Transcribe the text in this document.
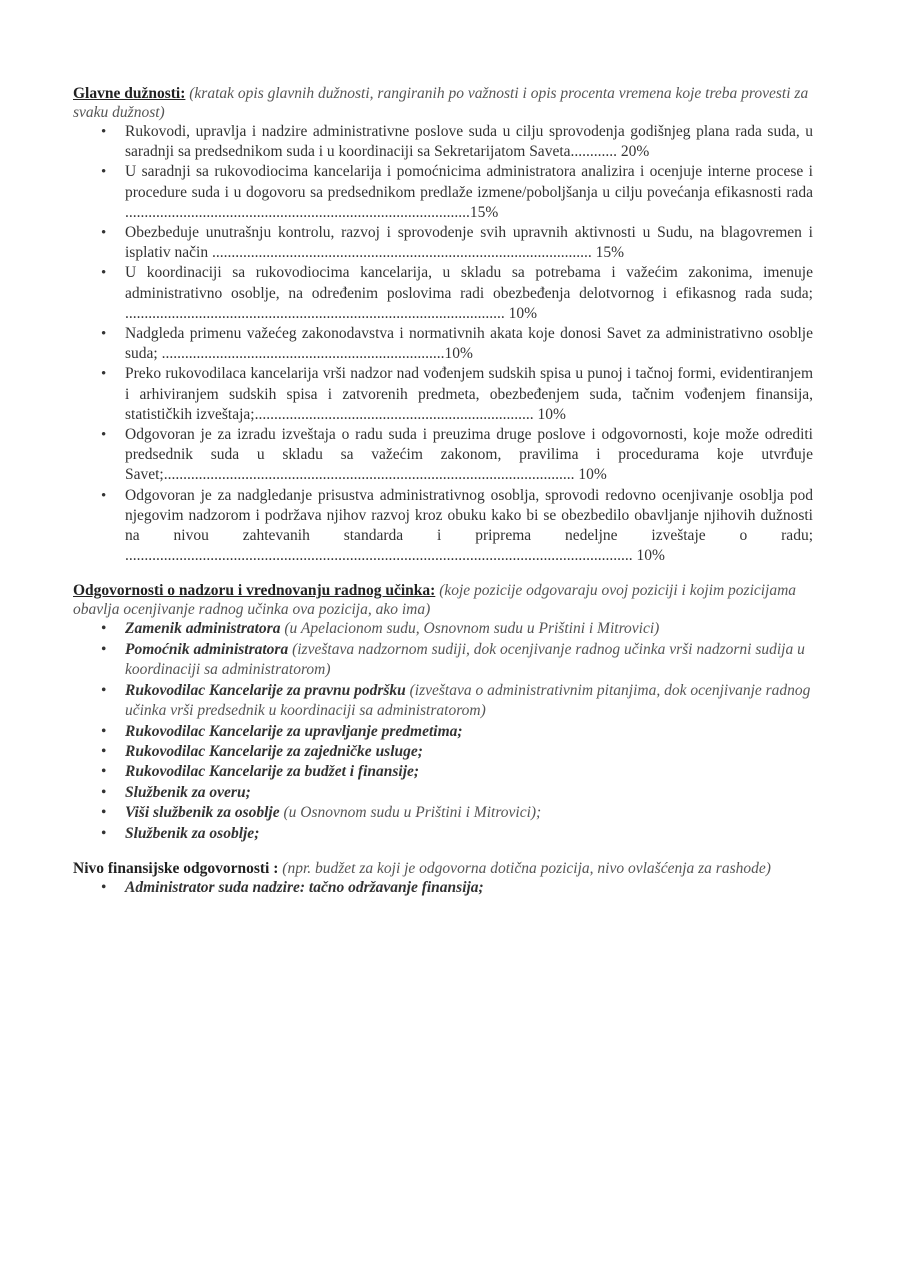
Glavne dužnosti: (kratak opis glavnih dužnosti, rangiranih po važnosti i opis procenta vremena koje treba provesti za svaku dužnost)
• Rukovodi, upravlja i nadzire administrativne poslove suda u cilju sprovodenja godišnjeg plana rada suda, u saradnji sa predsednikom suda i u koordinaciji sa Sekretarijatom Saveta............ 20%
• U saradnji sa rukovodiocima kancelarija i pomoćnicima administratora analizira i ocenjuje interne procese i procedure suda i u dogovoru sa predsednikom predlaže izmene/poboljšanja u cilju povećanja efikasnosti rada .........................................................................................15%
• Obezbeduje unutrašnju kontrolu, razvoj i sprovodenje svih upravnih aktivnosti u Sudu, na blagovremen i isplativ način .................................................................................................. 15%
• U koordinaciji sa rukovodiocima kancelarija, u skladu sa potrebama i važećim zakonima, imenuje administrativno osoblje, na određenim poslovima radi obezbeđenja delotvornog i efikasnog rada suda; .................................................................................................. 10%
• Nadgleda primenu važećeg zakonodavstva i normativnih akata koje donosi Savet za administrativno osoblje suda; .........................................................................10%
• Preko rukovodilaca kancelarija vrši nadzor nad vođenjem sudskih spisa u punoj i tačnoj formi, evidentiranjem i arhiviranjem sudskih spisa i zatvorenih predmeta, obezbeđenjem suda, tačnim vođenjem finansija, statističkih izveštaja;........................................................................ 10%
• Odgovoran je za izradu izveštaja o radu suda i preuzima druge poslove i odgovornosti, koje može odrediti predsednik suda u skladu sa važećim zakonom, pravilima i procedurama koje utvrđuje Savet;.......................................................................................................... 10%
• Odgovoran je za nadgledanje prisustva administrativnog osoblja, sprovodi redovno ocenjivanje osoblja pod njegovim nadzorom i podržava njihov razvoj kroz obuku kako bi se obezbedilo obavljanje njihovih dužnosti na nivou zahtevanih standarda i priprema nedeljne izveštaje o radu; ................................................................................................................................... 10%
Odgovornosti o nadzoru i vrednovanju radnog učinka: (koje pozicije odgovaraju ovoj poziciji i kojim pozicijama obavlja ocenjivanje radnog učinka ova pozicija, ako ima)
• Zamenik administratora (u Apelacionom sudu, Osnovnom sudu u Prištini i Mitrovici)
• Pomoćnik administratora (izveštava nadzornom sudiji, dok ocenjivanje radnog učinka vrši nadzorni sudija u koordinaciji sa administratorom)
• Rukovodilac Kancelarije za pravnu podršku (izveštava o administrativnim pitanjima, dok ocenjivanje radnog učinka vrši predsednik u koordinaciji sa administratorom)
• Rukovodilac Kancelarije za upravljanje predmetima;
• Rukovodilac Kancelarije za zajedničke usluge;
• Rukovodilac Kancelarije za budžet i finansije;
• Službenik za overu;
• Viši službenik za osoblje (u Osnovnom sudu u Prištini i Mitrovici);
• Službenik za osoblje;
Nivo finansijske odgovornosti : (npr. budžet za koji je odgovorna dotična pozicija, nivo ovlašćenja za rashode)
• Administrator suda nadzire: tačno održavanje finansija;
